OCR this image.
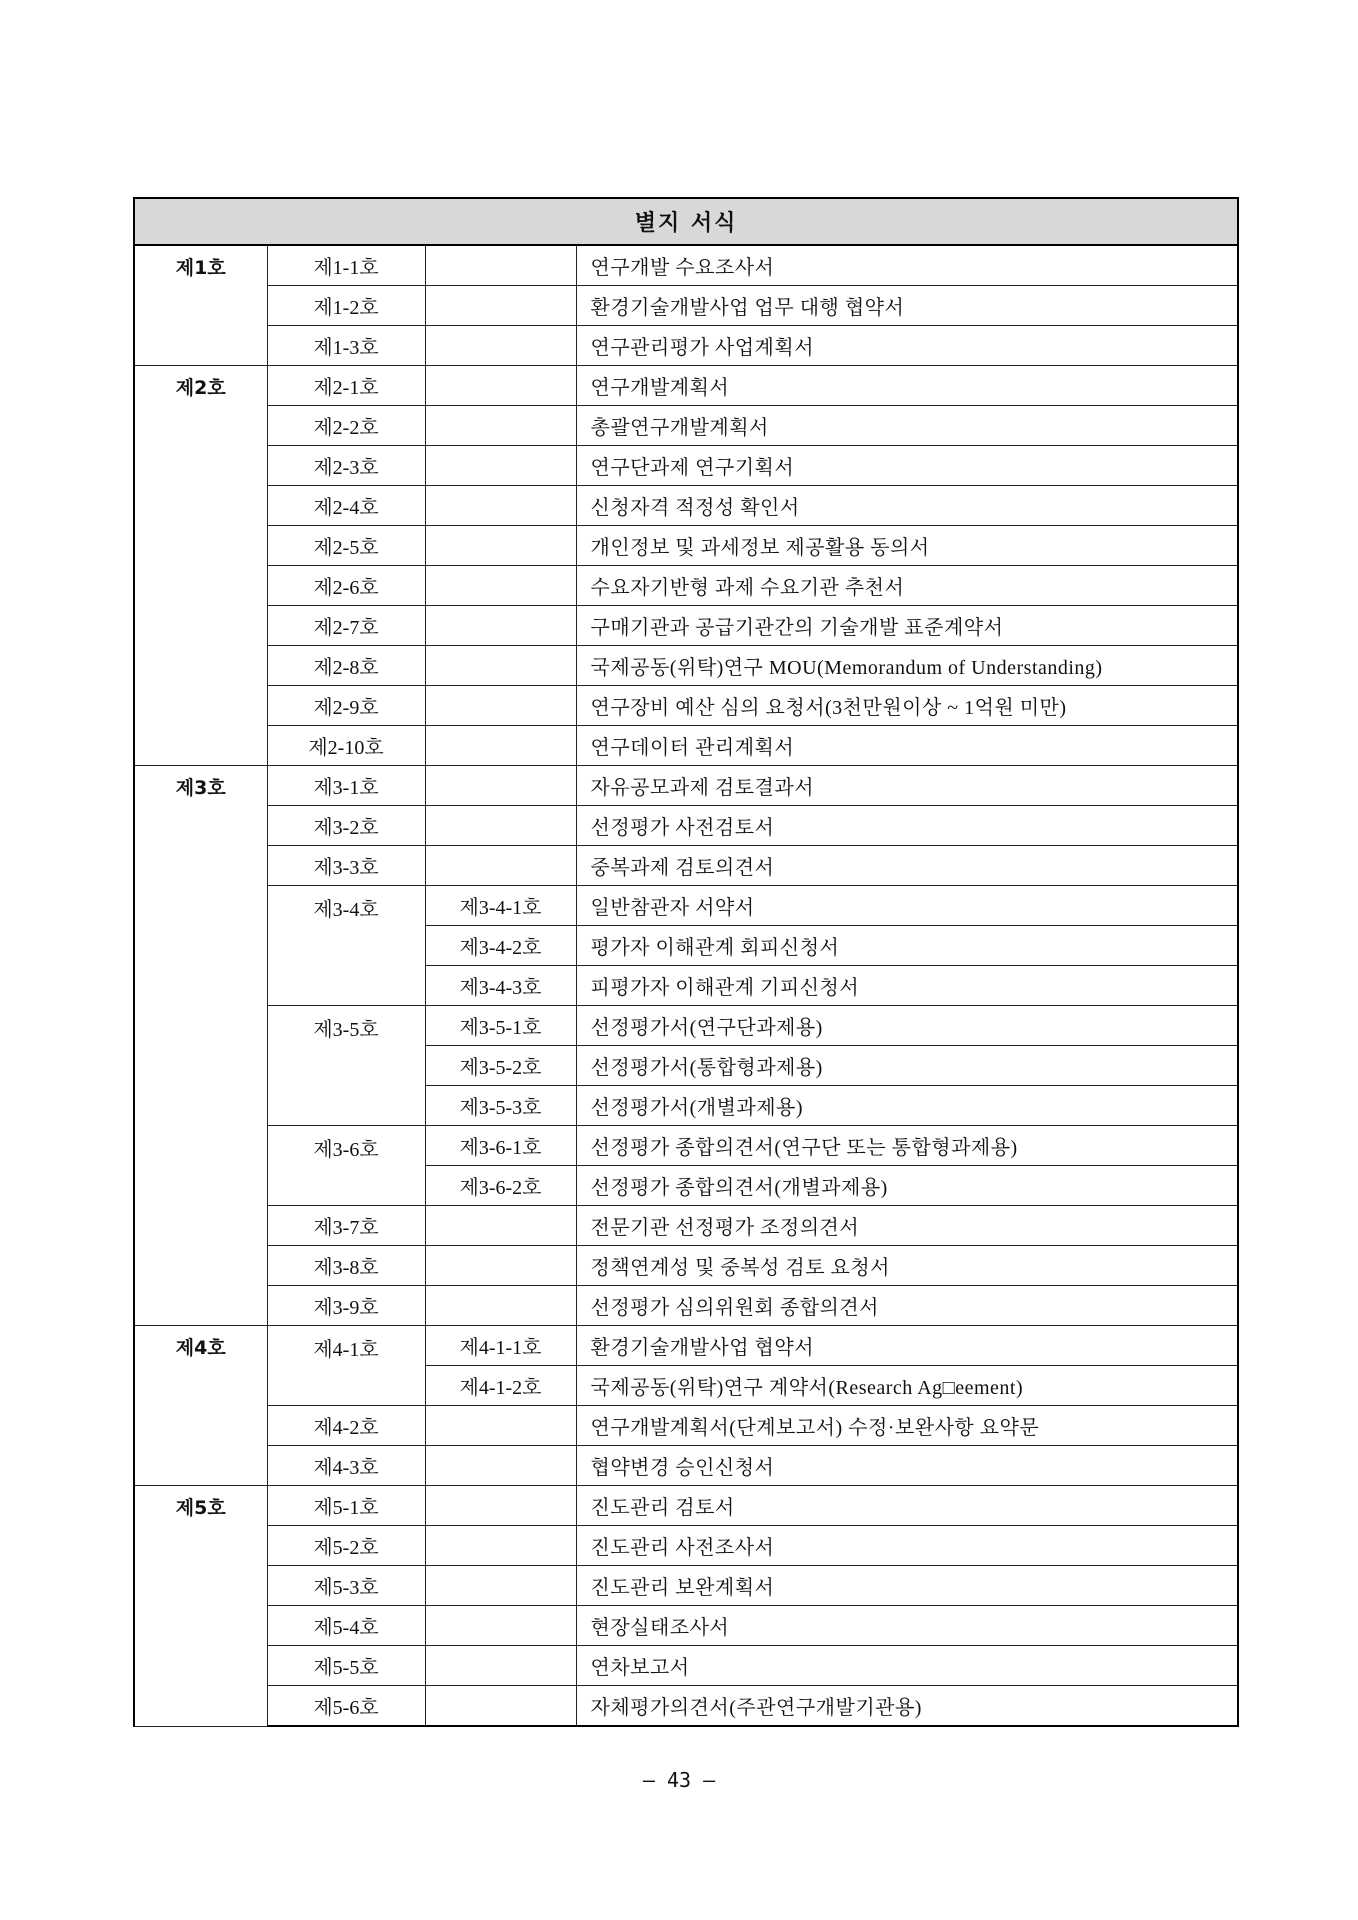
별지 서식			
제1호	제1-1호		연구개발 수요조사서
	제1-2호		환경기술개발사업 업무 대행 협약서
	제1-3호		연구관리평가 사업계획서
제2호	제2-1호		연구개발계획서
	제2-2호		총괄연구개발계획서
	제2-3호		연구단과제 연구기획서
	제2-4호		신청자격 적정성 확인서
	제2-5호		개인정보 및 과세정보 제공활용 동의서
	제2-6호		수요자기반형 과제 수요기관 추천서
	제2-7호		구매기관과 공급기관간의 기술개발 표준계약서
	제2-8호		국제공동(위탁)연구 MOU(Memorandum of Understanding)
	제2-9호		연구장비 예산 심의 요청서(3천만원이상 ~ 1억원 미만)
	제2-10호		연구데이터 관리계획서
제3호	제3-1호		자유공모과제 검토결과서
	제3-2호		선정평가 사전검토서
	제3-3호		중복과제 검토의견서
	제3-4호	제3-4-1호	일반참관자 서약서
		제3-4-2호	평가자 이해관계 회피신청서
		제3-4-3호	피평가자 이해관계 기피신청서
	제3-5호	제3-5-1호	선정평가서(연구단과제용)
		제3-5-2호	선정평가서(통합형과제용)
		제3-5-3호	선정평가서(개별과제용)
	제3-6호	제3-6-1호	선정평가 종합의견서(연구단 또는 통합형과제용)
		제3-6-2호	선정평가 종합의견서(개별과제용)
	제3-7호		전문기관 선정평가 조정의견서
	제3-8호		정책연계성 및 중복성 검토 요청서
	제3-9호		선정평가 심의위원회 종합의견서
제4호	제4-1호	제4-1-1호	환경기술개발사업 협약서
		제4-1-2호	국제공동(위탁)연구 계약서(Research Ag□eement)
	제4-2호		연구개발계획서(단계보고서) 수정·보완사항 요약문
	제4-3호		협약변경 승인신청서
제5호	제5-1호		진도관리 검토서
	제5-2호		진도관리 사전조사서
	제5-3호		진도관리 보완계획서
	제5-4호		현장실태조사서
	제5-5호		연차보고서
	제5-6호		자체평가의견서(주관연구개발기관용)
– 43 –
